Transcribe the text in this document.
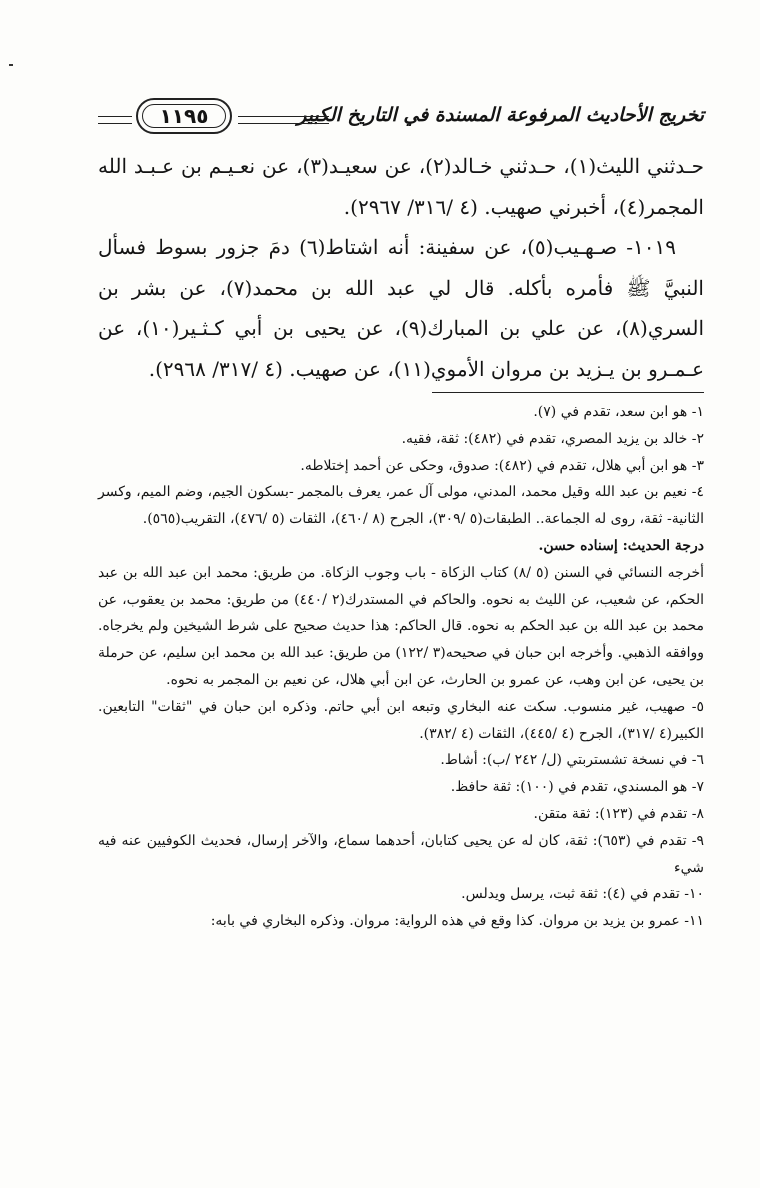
تخريج الأحاديث المرفوعة المسندة في التاريخ الكبير
١١٩٥

حـدثني الليث(١)، حـدثني خـالد(٢)، عن سعيـد(٣)، عن نعـيـم بن عـبـد الله المجمر(٤)، أخبرني صهيب. (٤ /٣١٦/ ٢٩٦٧).

١٠١٩- صـهـيب(٥)، عن سفينة: أنه اشتاط(٦) دمَ جزور بسوط فسأل النبيَّ ﷺ فأمره بأكله. قال لي عبد الله بن محمد(٧)، عن بشر بن السري(٨)، عن علي بن المبارك(٩)، عن يحيى بن أبي كـثـير(١٠)، عن عـمـرو بن يـزيد بن مروان الأموي(١١)، عن صهيب. (٤ /٣١٧/ ٢٩٦٨).

١- هو ابن سعد، تقدم في (٧).

٢- خالد بن يزيد المصري، تقدم في (٤٨٢): ثقة، فقيه.

٣- هو ابن أبي هلال، تقدم في (٤٨٢): صدوق، وحكى عن أحمد إختلاطه.

٤- نعيم بن عبد الله وقيل محمد، المدني، مولى آل عمر، يعرف بالمجمر -بسكون الجيم، وضم الميم، وكسر الثانية- ثقة، روى له الجماعة.. الطبقات(٥ /٣٠٩)، الجرح (٨ /٤٦٠)، الثقات (٥ /٤٧٦)، التقريب(٥٦٥).

درجة الحديث: إسناده حسن.

أخرجه النسائي في السنن (٥ /٨) كتاب الزكاة - باب وجوب الزكاة. من طريق: محمد ابن عبد الله بن عبد الحكم، عن شعيب، عن الليث به نحوه. والحاكم في المستدرك(٢ /٤٤٠) من طريق: محمد بن يعقوب، عن محمد بن عبد الله بن عبد الحكم به نحوه. قال الحاكم: هذا حديث صحيح على شرط الشيخين ولم يخرجاه. ووافقه الذهبي. وأخرجه ابن حبان في صحيحه(٣ /١٢٢) من طريق: عبد الله بن محمد ابن سليم، عن حرملة بن يحيى، عن ابن وهب، عن عمرو بن الحارث، عن ابن أبي هلال، عن نعيم بن المجمر به نحوه.

٥- صهيب، غير منسوب. سكت عنه البخاري وتبعه ابن أبي حاتم. وذكره ابن حبان في "ثقات" التابعين. الكبير(٤ /٣١٧)، الجرح (٤ /٤٤٥)، الثقات (٤ /٣٨٢).

٦- في نسخة تشستربتي (ل/ ٢٤٢ /ب): أشاط.

٧- هو المسندي، تقدم في (١٠٠): ثقة حافظ.

٨- تقدم في (١٢٣): ثقة متقن.

٩- تقدم في (٦٥٣): ثقة، كان له عن يحيى كتابان، أحدهما سماع، والآخر إرسال، فحديث الكوفيين عنه فيه شيء

١٠- تقدم في (٤): ثقة ثبت، يرسل ويدلس.

١١- عمرو بن يزيد بن مروان. كذا وقع في هذه الرواية: مروان. وذكره البخاري في بابه:
